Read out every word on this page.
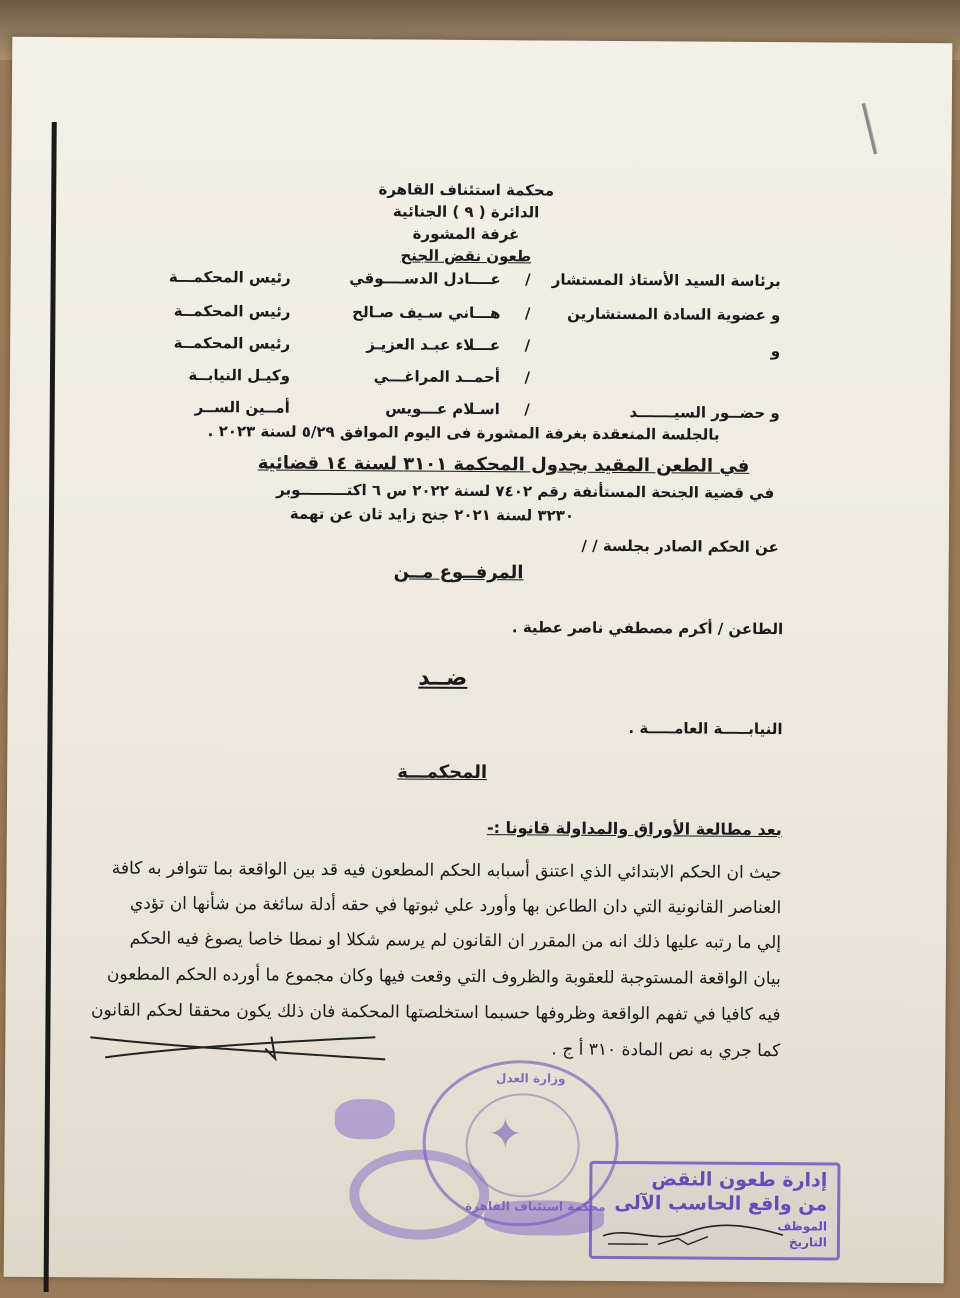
محكمة استئناف القاهرة
الدائرة ( ٩ ) الجنائية
غرفة المشورة
طعون نقض الجنح
برئاسة السيد الأستاذ المستشار
/
عــــادل الدســــوقي
رئيس المحكمـــة
و عضوية السادة المستشارين
/
هـــاني سـيف صـالح
رئيس المحكمــة
و
/
عـــلاء عبـد العزيـز
رئيس المحكمــة
/
أحمــد المراغـــي
وكيـل النيابــة
و حضــور السيـــــــد
/
اسـلام عـــويس
أمــين الســر
بالجلسة المنعقدة بغرفة المشورة فى اليوم الموافق ٥/٢٩ لسنة ٢٠٢٣ .
في الطعن المقيد بجدول المحكمة ٣١٠١ لسنة ١٤ قضائية
في قضية الجنحة المستأنفة رقم ٧٤٠٢ لسنة ٢٠٢٢ س ٦ اكتـــــــــوبر
٣٢٣٠ لسنة ٢٠٢١ جنح زايد ثان عن تهمة
عن الحكم الصادر بجلسة / /
المرفــوع مــن
الطاعن / أكرم مصطفي ناصر عطية .
ضــد
النيابـــــة العامـــــة .
المحكمـــة
بعد مطالعة الأوراق والمداولة قانونا :-
حيث ان الحكم الابتدائي الذي اعتنق أسبابه الحكم المطعون فيه قد بين الواقعة بما تتوافر به كافة
العناصر القانونية التي دان الطاعن بها وأورد علي ثبوتها في حقه أدلة سائغة من شأنها ان تؤدي
إلي ما رتبه عليها ذلك انه من المقرر ان القانون لم يرسم شكلا او نمطا خاصا يصوغ فيه الحكم
بيان الواقعة المستوجبة للعقوبة والظروف التي وقعت فيها وكان مجموع ما أورده الحكم المطعون
فيه كافيا في تفهم الواقعة وظروفها حسبما استخلصتها المحكمة فان ذلك يكون محققا لحكم القانون
كما جري به نص المادة ٣١٠ أ ج .
✦
وزارة العدل
محكمة استئناف القاهرة
إدارة طعون النقض
من واقع الحاسب الآلى
الموظف
التاريخ
